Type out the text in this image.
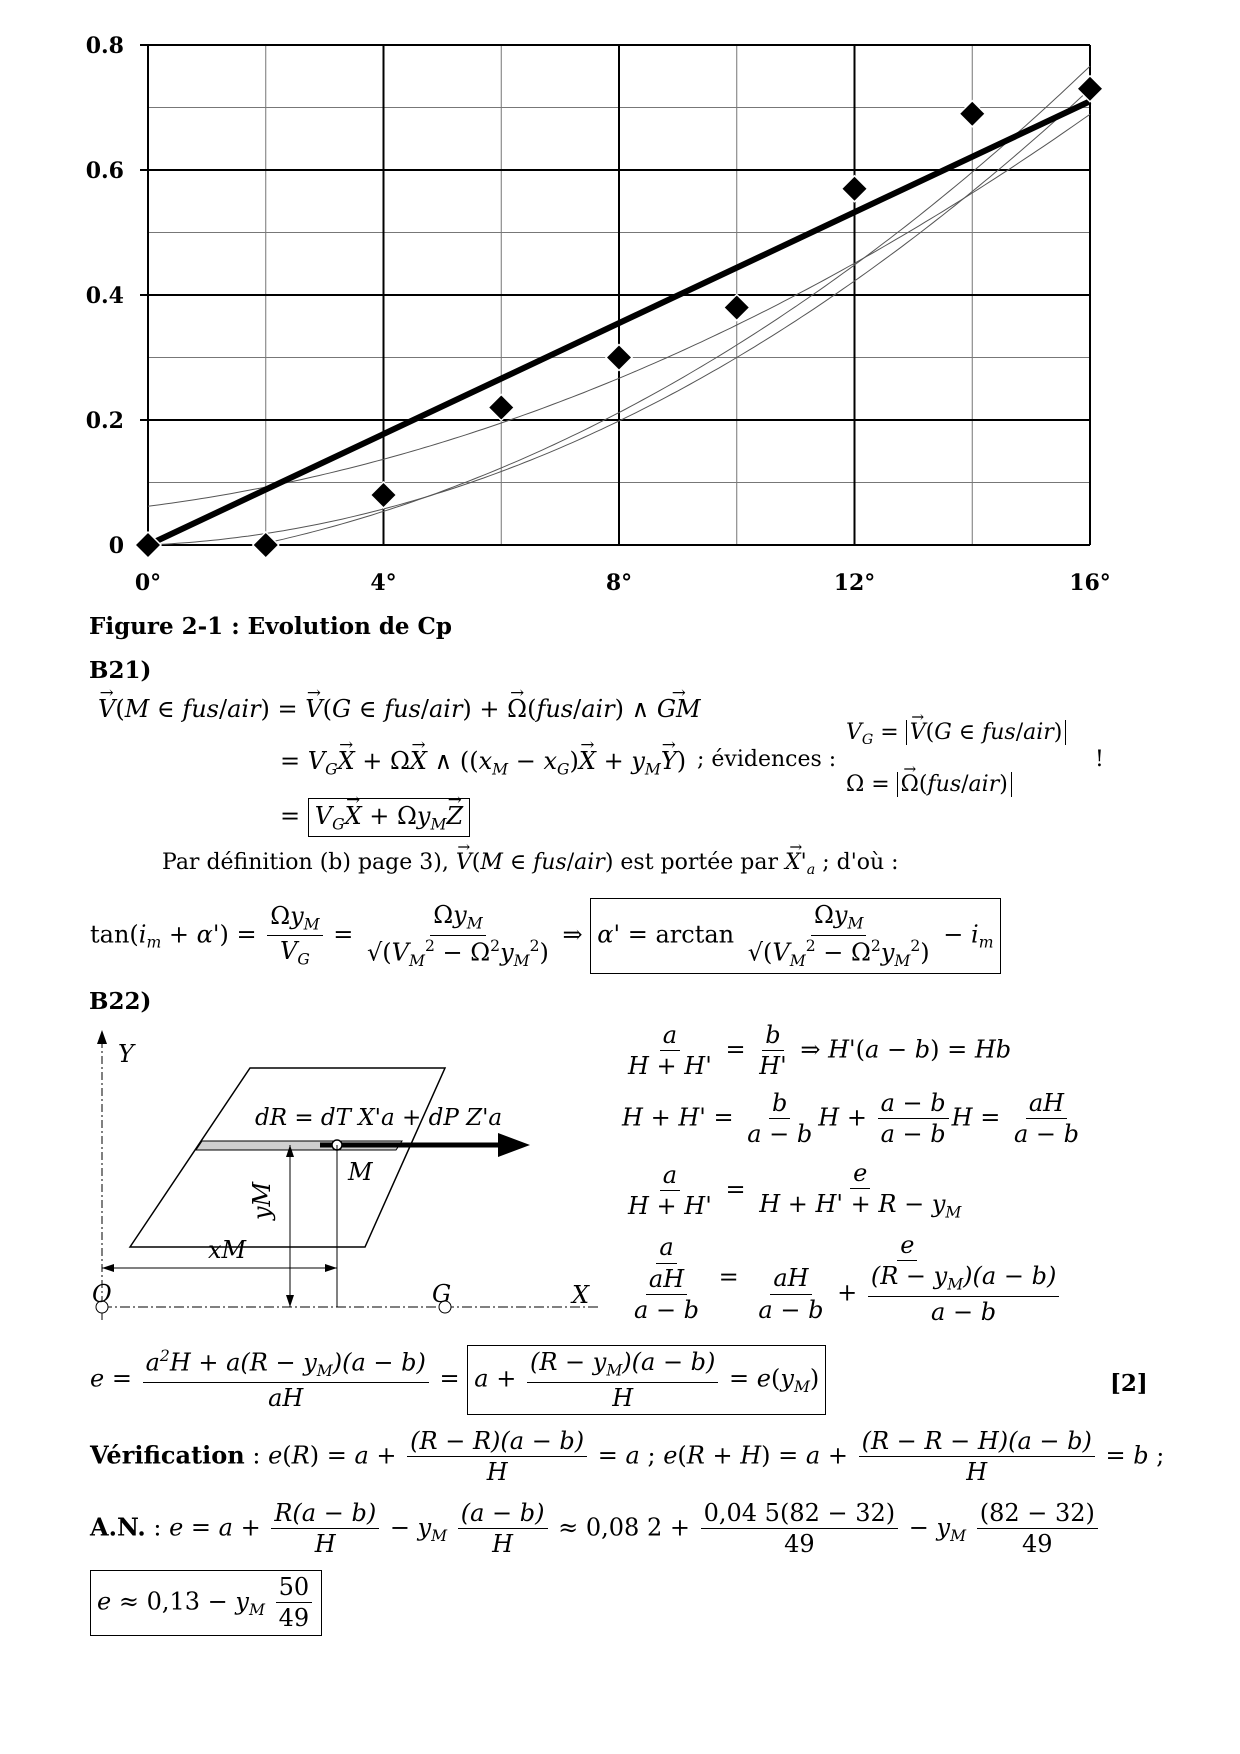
0
0.2
0.4
0.6
0.8
0°	4°	8°	12°	16°
Figure 2-1 : Evolution de Cp
B21)
→ V(M ∈ fus/air) = → V(G ∈ fus/air) + → Ω(fus/air) ∧ → GM
= $V_G\to X + \Omega\to X$ ∧ $((x_M - x_G)\to X + y_M\to Y)$ ; évidences :
$V_G$ = → V(G ∈ fus/air)
Ω = → Ω(fus/air)
!
= $V_G\to X + \Omega y_M\to Z$
Par définition (b) page 3), → V(M ∈ fus/air) est portée par → $X'_a$ ; d'où :
$\tan(i_m + \alpha') = \frac{\Omega y_M}{V_G} = \frac{\Omega y_M}{√(V_M^2 - \Omega^2y_M^2)}$ ⇒ $\alpha' = \arctan \frac{\Omega y_M}{√(V_M^2 - \Omega^2y_M^2)} - i_m$
B22)
Y
X
O	G
M
xM
yM
dR = dT X'a + dP Z'a
$\frac{a}{H + H'} = \frac{b}{H'}$ ⇒ H'(a − b) = Hb
$H + H' = \frac{b}{a - b}$ $H + \frac{a - b}{a - b}$ $H = \frac{aH}{a - b}$
$\frac{a}{H + H'} = \frac{e}{H + H' + R - y_M}$
$\frac{a}{\frac{aH}{a - b}} = \frac{e}{\frac{aH}{a - b} + \frac{(R - y_M)(a - b)}{a - b}}$
$e = \frac{a^2H + a(R - y_M)(a - b)}{aH} = a + \frac{(R - y_M)(a - b)}{H} = e(y_M)$	[2]
Vérification : $e(R) = a + \frac{(R - R)(a - b)}{H} = a$ ; $e(R + H) = a + \frac{(R - R - H)(a - b)}{H} = b$ ;
A.N. : $e = a + \frac{R(a - b)}{H} - y_M \frac{(a - b)}{H} \approx 0,08$ $2 + \frac{0,04 5(82 - 32)}{49} - y_M \frac{(82 - 32)}{49}$
$e \approx 0,13 - y_M \frac{50}{49}$
